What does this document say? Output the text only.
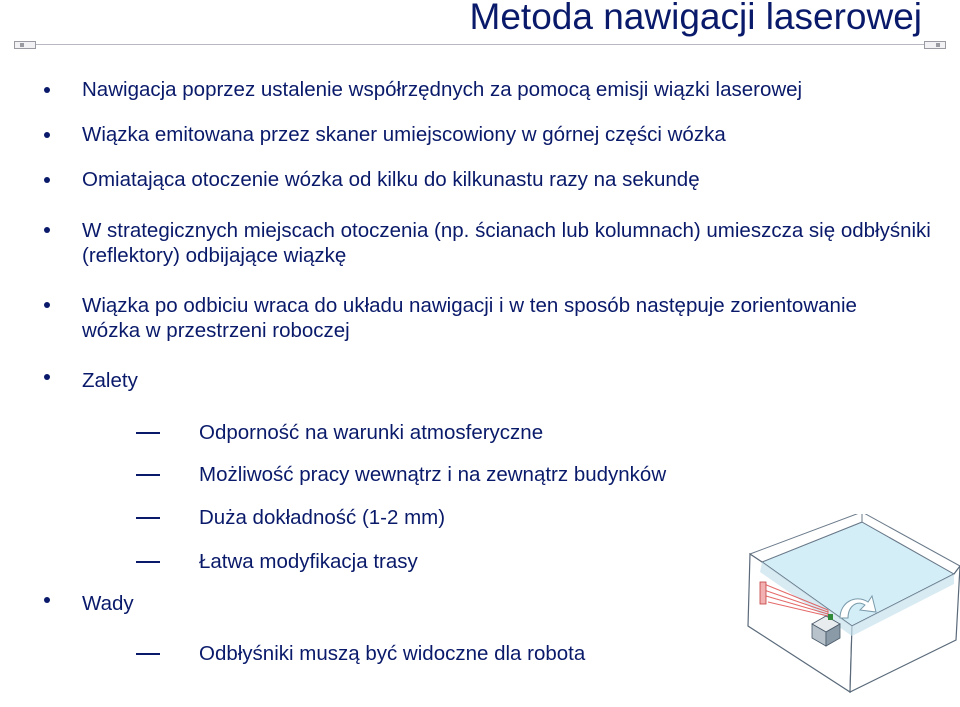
Metoda nawigacji laserowej
Nawigacja poprzez ustalenie współrzędnych za pomocą emisji wiązki laserowej
Wiązka emitowana przez skaner umiejscowiony w górnej części wózka
Omiatająca otoczenie wózka od kilku do kilkunastu razy na sekundę
W strategicznych miejscach otoczenia (np. ścianach lub kolumnach) umieszcza się odbłyśniki (reflektory) odbijające wiązkę
Wiązka po odbiciu wraca do układu nawigacji i w ten sposób następuje zorientowanie wózka w przestrzeni roboczej
Zalety
Odporność na warunki atmosferyczne
Możliwość pracy wewnątrz i na zewnątrz budynków
Duża dokładność (1-2 mm)
Łatwa modyfikacja trasy
Wady
Odbłyśniki muszą być widoczne dla robota
